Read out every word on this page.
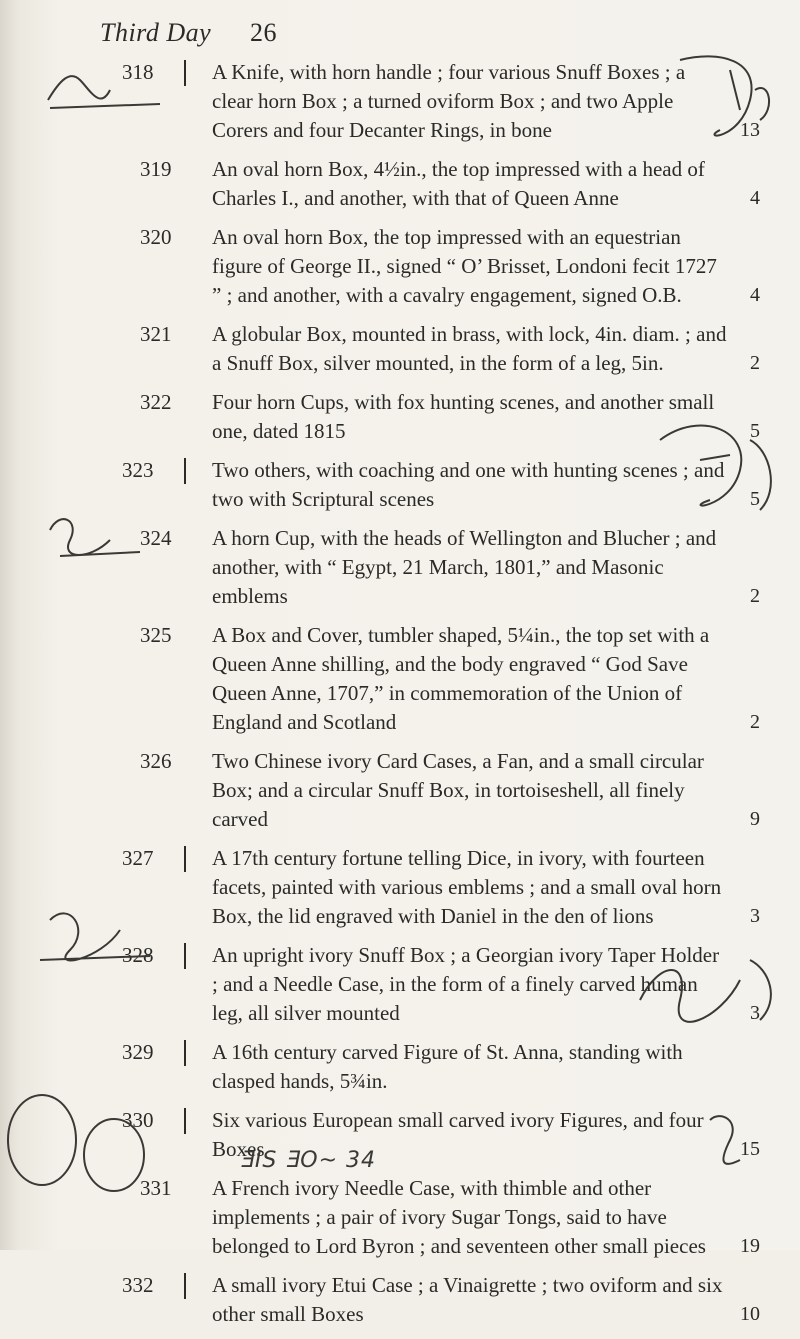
Third Day 26
318	A Knife, with horn handle ; four various Snuff Boxes ; a clear horn Box ; a turned oviform Box ; and two Apple Corers and four Decanter Rings, in bone	13
319	An oval horn Box, 4½in., the top impressed with a head of Charles I., and another, with that of Queen Anne	4
320	An oval horn Box, the top impressed with an equestrian figure of George II., signed “ O’ Brisset, Londoni fecit 1727 ” ; and another, with a cavalry engagement, signed O.B.	4
321	A globular Box, mounted in brass, with lock, 4in. diam. ; and a Snuff Box, silver mounted, in the form of a leg, 5in.	2
322	Four horn Cups, with fox hunting scenes, and another small one, dated 1815	5
323	Two others, with coaching and one with hunting scenes ; and two with Scriptural scenes	5
324	A horn Cup, with the heads of Wellington and Blucher ; and another, with “ Egypt, 21 March, 1801,” and Masonic emblems	2
325	A Box and Cover, tumbler shaped, 5¼in., the top set with a Queen Anne shilling, and the body engraved “ God Save Queen Anne, 1707,” in commemoration of the Union of England and Scotland	2
326	Two Chinese ivory Card Cases, a Fan, and a small circular Box; and a circular Snuff Box, in tortoiseshell, all finely carved	9
327	A 17th century fortune telling Dice, in ivory, with fourteen facets, painted with various emblems ; and a small oval horn Box, the lid engraved with Daniel in the den of lions	3
328	An upright ivory Snuff Box ; a Georgian ivory Taper Holder ; and a Needle Case, in the form of a finely carved human leg, all silver mounted	3
329	A 16th century carved Figure of St. Anna, standing with clasped hands, 5¾in.
330	Six various European small carved ivory Figures, and four Boxes	15
331	A French ivory Needle Case, with thimble and other implements ; a pair of ivory Sugar Tongs, said to have belonged to Lord Byron ; and seventeen other small pieces	19
332	A small ivory Etui Case ; a Vinaigrette ; two oviform and six other small Boxes	10
ƎIS ƎO~ 34
